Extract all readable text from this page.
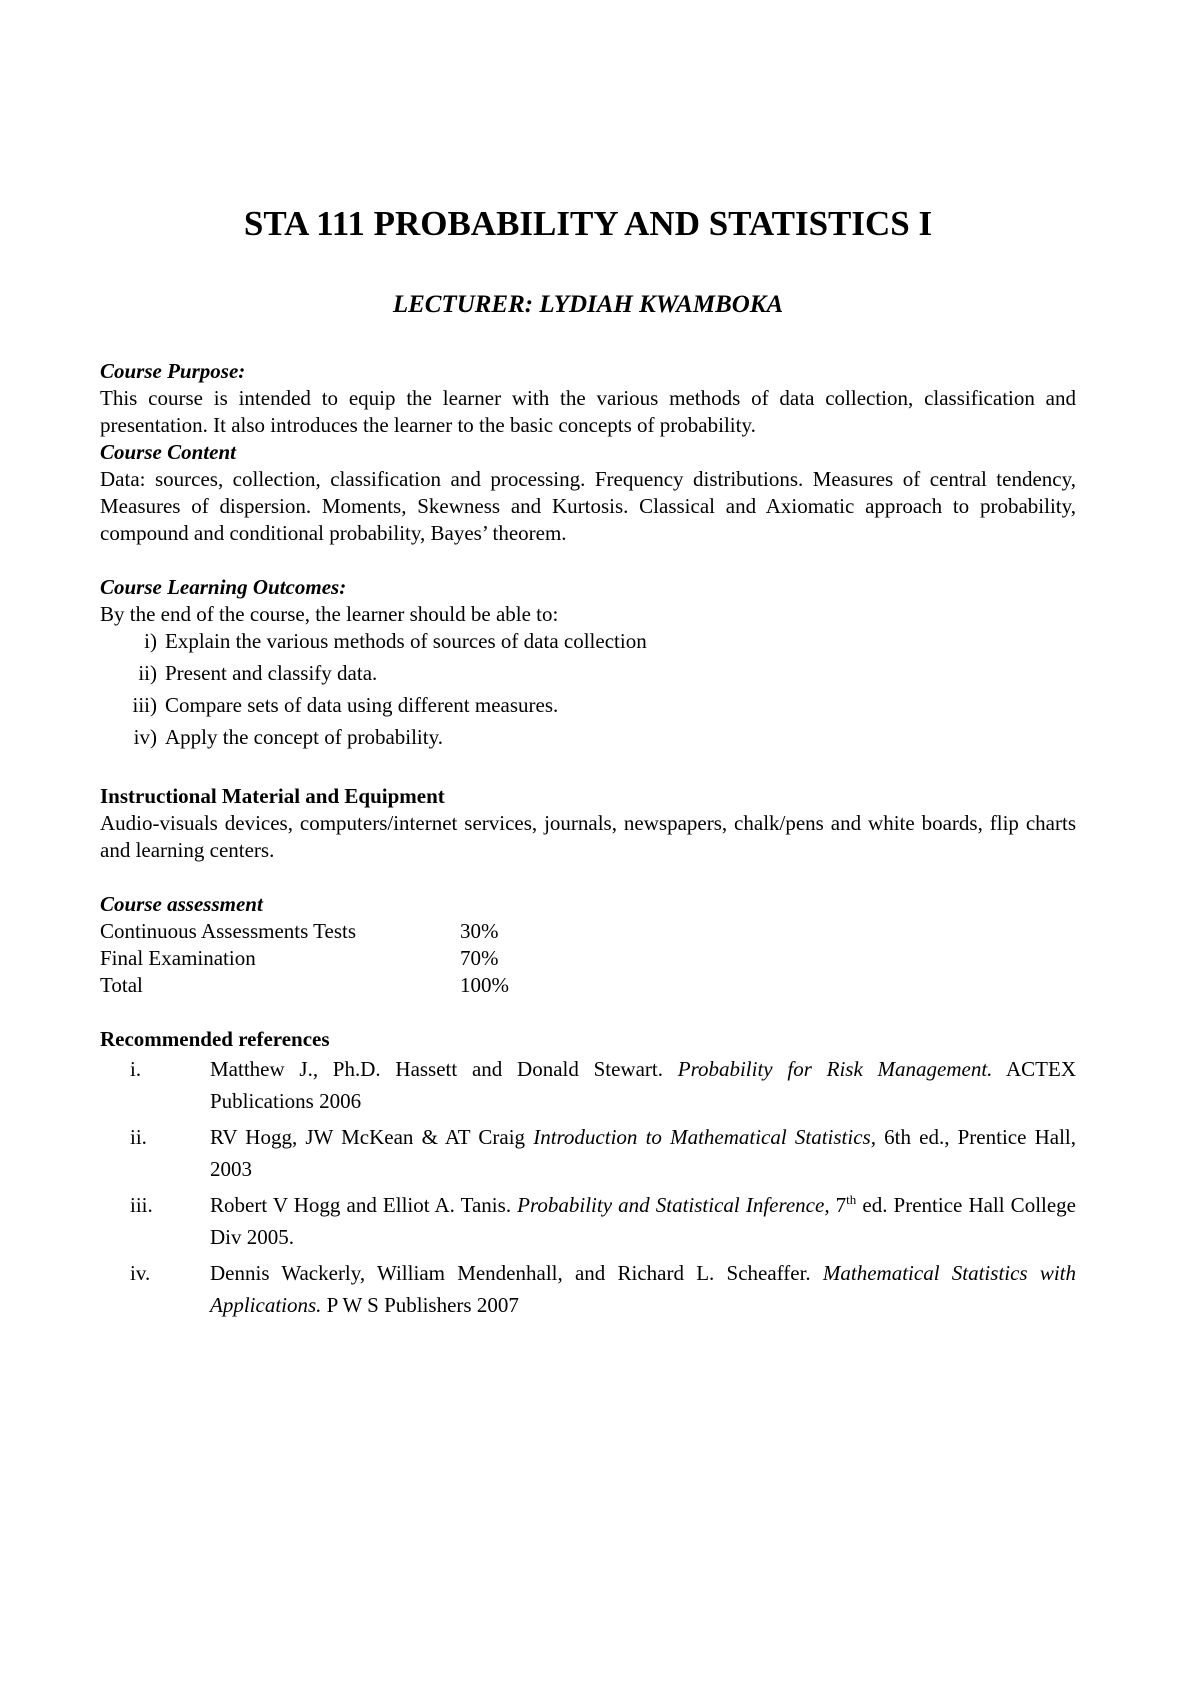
STA 111 PROBABILITY AND STATISTICS I
LECTURER: LYDIAH KWAMBOKA

Course Purpose:

This course is intended to equip the learner with the various methods of data collection, classification and presentation. It also introduces the learner to the basic concepts of probability.

Course Content

Data: sources, collection, classification and processing. Frequency distributions. Measures of central tendency, Measures of dispersion. Moments, Skewness and Kurtosis. Classical and Axiomatic approach to probability, compound and conditional probability, Bayes’ theorem.

Course Learning Outcomes:

By the end of the course, the learner should be able to:

i) Explain the various methods of sources of data collection
ii) Present and classify data.
iii) Compare sets of data using different measures.
iv) Apply the concept of probability.

Instructional Material and Equipment

Audio-visuals devices, computers/internet services, journals, newspapers, chalk/pens and white boards, flip charts and learning centers.

Course assessment

Continuous Assessments Tests	30%
Final Examination	70%
Total	100%

Recommended references

i.	Matthew J., Ph.D. Hassett and Donald Stewart. Probability for Risk Management. ACTEX Publications 2006
ii.	RV Hogg, JW McKean & AT Craig Introduction to Mathematical Statistics, 6th ed., Prentice Hall, 2003
iii.	Robert V Hogg and Elliot A. Tanis. Probability and Statistical Inference, 7th ed. Prentice Hall College Div 2005.
iv.	Dennis Wackerly, William Mendenhall, and Richard L. Scheaffer. Mathematical Statistics with Applications. P W S Publishers 2007
